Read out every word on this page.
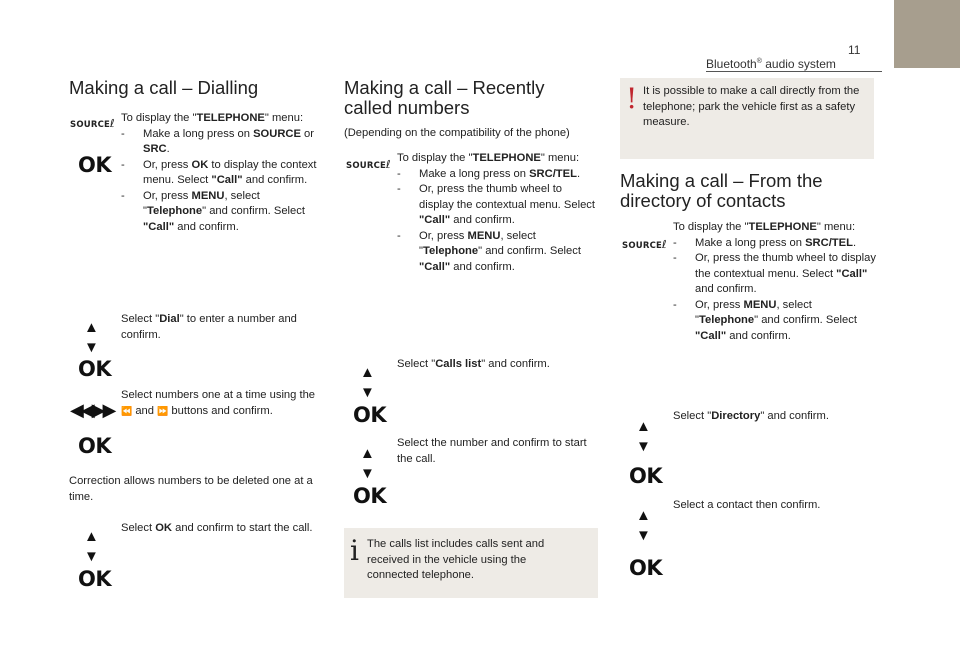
11
Bluetooth® audio system
Making a call – Dialling
SOURCEℓ
OK
To display the "TELEPHONE" menu:
- Make a long press on SOURCE or SRC.
- Or, press OK to display the context menu. Select "Call" and confirm.
- Or, press MENU, select "Telephone" and confirm. Select "Call" and confirm.
▲
▼
OK
Select "Dial" to enter a number and confirm.
◀◀▶▶
OK
Select numbers one at a time using the ⏪ and ⏩ buttons and confirm.
Correction allows numbers to be deleted one at a time.
▲
▼
OK
Select OK and confirm to start the call.
Making a call – Recently
called numbers
(Depending on the compatibility of the phone)
SOURCEℓ To display the "TELEPHONE" menu:
- Make a long press on SRC/TEL.
- Or, press the thumb wheel to display the contextual menu. Select "Call" and confirm.
- Or, press MENU, select "Telephone" and confirm. Select "Call" and confirm.
▲
▼
OK
Select "Calls list" and confirm.
▲
▼
OK
Select the number and confirm to start the call.
i The calls list includes calls sent and received in the vehicle using the connected telephone.
! It is possible to make a call directly from the telephone; park the vehicle first as a safety measure.
Making a call – From the
directory of contacts
SOURCEℓ
To display the "TELEPHONE" menu:
- Make a long press on SRC/TEL.
- Or, press the thumb wheel to display the contextual menu. Select "Call" and confirm.
- Or, press MENU, select "Telephone" and confirm. Select "Call" and confirm.
▲
▼
OK
Select "Directory" and confirm.
▲
▼
OK
Select a contact then confirm.
